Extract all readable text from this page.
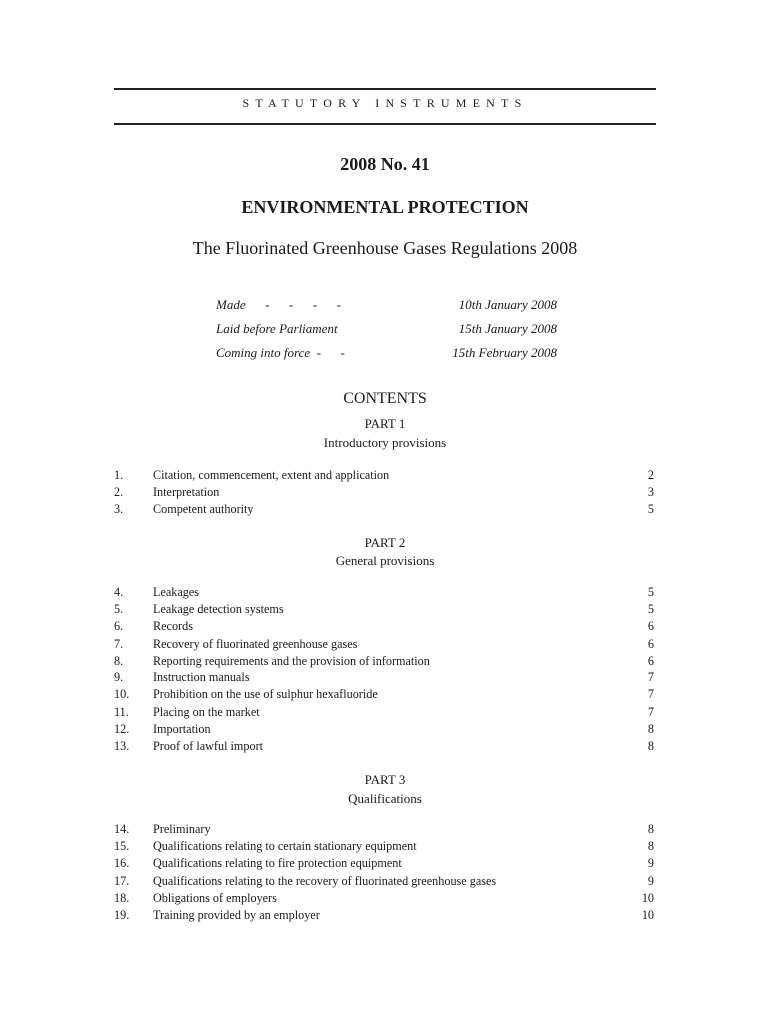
STATUTORY INSTRUMENTS
2008 No. 41
ENVIRONMENTAL PROTECTION
The Fluorinated Greenhouse Gases Regulations 2008
Made      -      -      -      -	10th January 2008
Laid before Parliament	15th January 2008
Coming into force  -      -	15th February 2008
CONTENTS
PART 1
Introductory provisions
1.	Citation, commencement, extent and application	2
2.	Interpretation	3
3.	Competent authority	5
PART 2
General provisions
4.	Leakages	5
5.	Leakage detection systems	5
6.	Records	6
7.	Recovery of fluorinated greenhouse gases	6
8.	Reporting requirements and the provision of information	6
9.	Instruction manuals	7
10. Prohibition on the use of sulphur hexafluoride	7
11. Placing on the market	7
12. Importation	8
13. Proof of lawful import	8
PART 3
Qualifications
14. Preliminary	8
15. Qualifications relating to certain stationary equipment	8
16. Qualifications relating to fire protection equipment	9
17. Qualifications relating to the recovery of fluorinated greenhouse gases	9
18. Obligations of employers	10
19. Training provided by an employer	10
